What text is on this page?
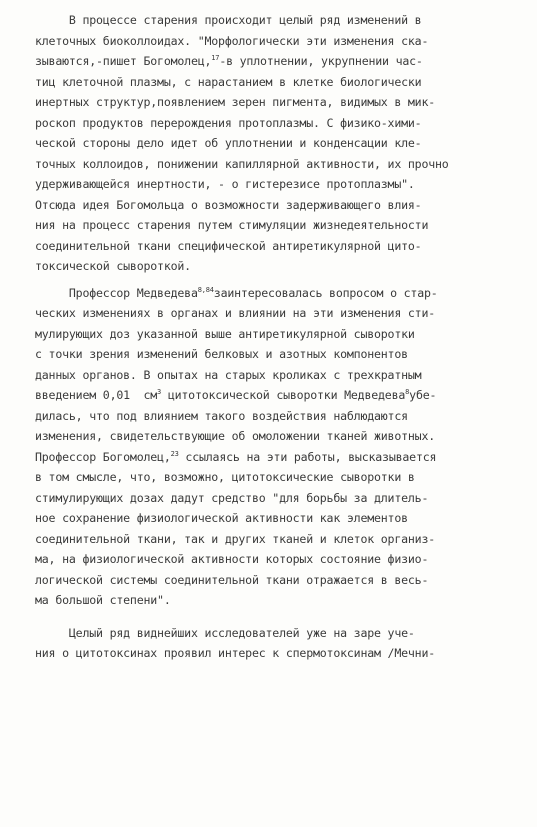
В процессе старения происходит целый ряд изменений в
клеточных биоколлоидах. "Морфологически эти изменения ска-
зываются,-пишет Богомолец,$^{17}$-в уплотнении, укрупнении час-
тиц клеточной плазмы, с нарастанием в клетке биологически
инертных структур,появлением зерен пигмента, видимых в мик-
роскоп продуктов перерождения протоплазмы. С физико-хими-
ческой стороны дело идет об уплотнении и конденсации кле-
точных коллоидов, понижении капиллярной активности, их прочно
удерживающейся инертности, - о гистерезисе протоплазмы".
Отсюда идея Богомольца о возможности задерживающего влия-
ния на процесс старения путем стимуляции жизнедеятельности
соединительной ткани специфической антиретикулярной цито-
токсической сывороткой.
Профессор Медведева$^{8,84}$заинтересовалась вопросом о стар-
ческих изменениях в органах и влиянии на эти изменения сти-
мулирующих доз указанной выше антиретикулярной сыворотки
с точки зрения изменений белковых и азотных компонентов
данных органов. В опытах на старых кроликах с трехкратным
введением 0,01  $см^3$ цитотоксической сыворотки Медведева$^8$убе-
дилась, что под влиянием такого воздействия наблюдаются
изменения, свидетельствующие об омоложении тканей животных.
Профессор Богомолец,$^{23}$ ссылаясь на эти работы, высказывается
в том смысле, что, возможно, цитотоксические сыворотки в
стимулирующих дозах дадут средство "для борьбы за длитель-
ное сохранение физиологической активности как элементов
соединительной ткани, так и других тканей и клеток организ-
ма, на физиологической активности которых состояние физио-
логической системы соединительной ткани отражается в весь-
ма большой степени".
Целый ряд виднейших исследователей уже на заре уче-
ния о цитотоксинах проявил интерес к спермотоксинам /Мечни-
